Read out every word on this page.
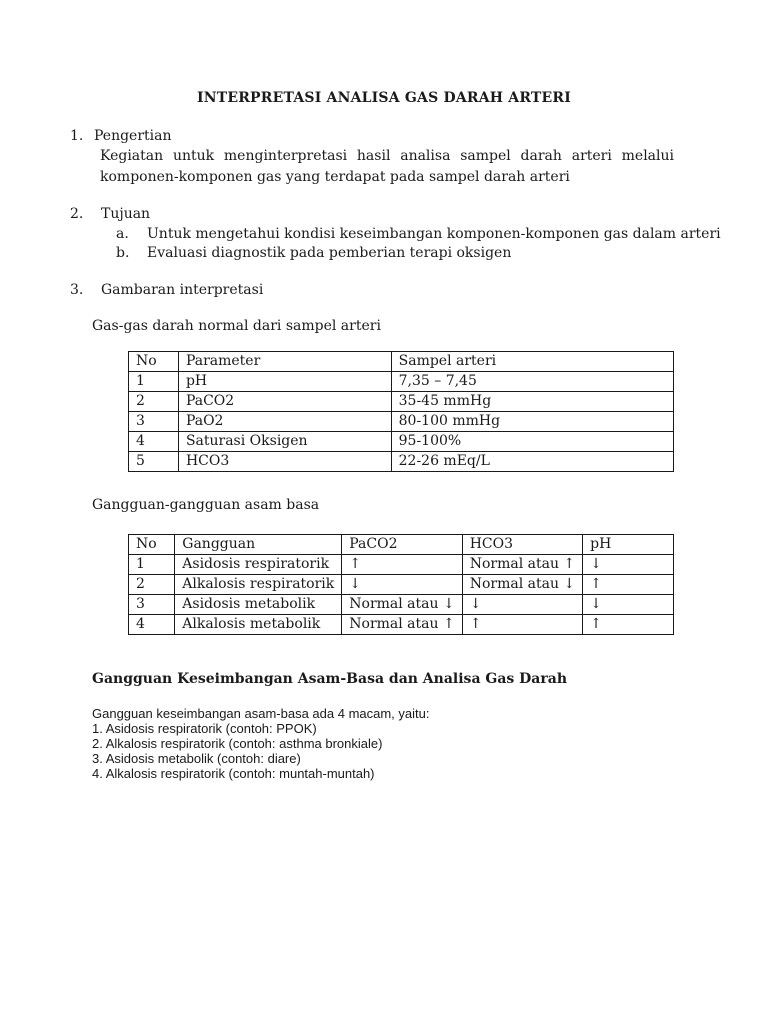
INTERPRETASI ANALISA GAS DARAH ARTERI
1. Pengertian
Kegiatan untuk menginterpretasi hasil analisa sampel darah arteri melalui komponen-komponen gas yang terdapat pada sampel darah arteri
2. Tujuan
a. Untuk mengetahui kondisi keseimbangan komponen-komponen gas dalam arteri
b. Evaluasi diagnostik pada pemberian terapi oksigen
3. Gambaran interpretasi
Gas-gas darah normal dari sampel arteri
No	Parameter	Sampel arteri
1	pH	7,35 – 7,45
2	PaCO2	35-45 mmHg
3	PaO2	80-100 mmHg
4	Saturasi Oksigen	95-100%
5	HCO3	22-26 mEq/L
Gangguan-gangguan asam basa
No	Gangguan	PaCO2	HCO3	pH
1	Asidosis respiratorik	↑	Normal atau ↑	↓
2	Alkalosis respiratorik	↓	Normal atau ↓	↑
3	Asidosis metabolik	Normal atau ↓	↓	↓
4	Alkalosis metabolik	Normal atau ↑	↑	↑
Gangguan Keseimbangan Asam-Basa dan Analisa Gas Darah
Gangguan keseimbangan asam-basa ada 4 macam, yaitu:
1. Asidosis respiratorik (contoh: PPOK)
2. Alkalosis respiratorik (contoh: asthma bronkiale)
3. Asidosis metabolik (contoh: diare)
4. Alkalosis respiratorik (contoh: muntah-muntah)
